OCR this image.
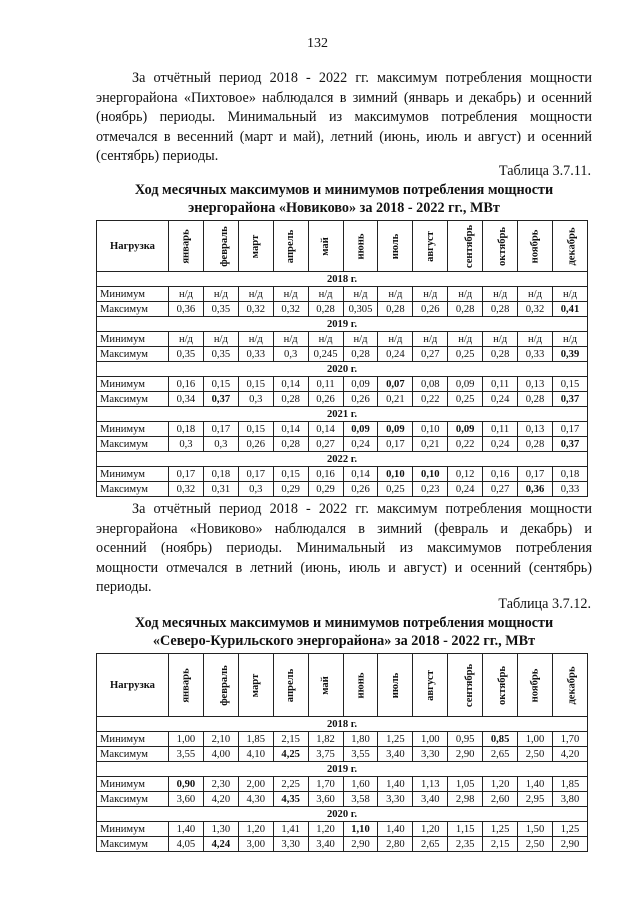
132
За отчётный период 2018 - 2022 гг. максимум потребления мощности
энергорайона «Пихтовое» наблюдался в зимний (январь и декабрь) и осенний
(ноябрь) периоды. Минимальный из максимумов потребления мощности
отмечался в весенний (март и май), летний (июнь, июль и август) и осенний
(сентябрь) периоды.
Таблица 3.7.11.
Ход месячных максимумов и минимумов потребления мощности
энергорайона «Новиково» за 2018 - 2022 гг., МВт
Нагрузка	январь	февраль	март	апрель	май	июнь	июль	август	сентябрь	октябрь	ноябрь	декабрь
2018 г.												
Минимум	н/д	н/д	н/д	н/д	н/д	н/д	н/д	н/д	н/д	н/д	н/д	н/д
Максимум	0,36	0,35	0,32	0,32	0,28	0,305	0,28	0,26	0,28	0,28	0,32	0,41
2019 г.												
Минимум	н/д	н/д	н/д	н/д	н/д	н/д	н/д	н/д	н/д	н/д	н/д	н/д
Максимум	0,35	0,35	0,33	0,3	0,245	0,28	0,24	0,27	0,25	0,28	0,33	0,39
2020 г.												
Минимум	0,16	0,15	0,15	0,14	0,11	0,09	0,07	0,08	0,09	0,11	0,13	0,15
Максимум	0,34	0,37	0,3	0,28	0,26	0,26	0,21	0,22	0,25	0,24	0,28	0,37
2021 г.												
Минимум	0,18	0,17	0,15	0,14	0,14	0,09	0,09	0,10	0,09	0,11	0,13	0,17
Максимум	0,3	0,3	0,26	0,28	0,27	0,24	0,17	0,21	0,22	0,24	0,28	0,37
2022 г.												
Минимум	0,17	0,18	0,17	0,15	0,16	0,14	0,10	0,10	0,12	0,16	0,17	0,18
Максимум	0,32	0,31	0,3	0,29	0,29	0,26	0,25	0,23	0,24	0,27	0,36	0,33
За отчётный период 2018 - 2022 гг. максимум потребления мощности
энергорайона «Новиково» наблюдался в зимний (февраль и декабрь) и
осенний (ноябрь) периоды. Минимальный из максимумов потребления
мощности отмечался в летний (июнь, июль и август) и осенний (сентябрь)
периоды.
Таблица 3.7.12.
Ход месячных максимумов и минимумов потребления мощности
«Северо-Курильского энергорайона» за 2018 - 2022 гг., МВт
Нагрузка	январь	февраль	март	апрель	май	июнь	июль	август	сентябрь	октябрь	ноябрь	декабрь
2018 г.												
Минимум	1,00	2,10	1,85	2,15	1,82	1,80	1,25	1,00	0,95	0,85	1,00	1,70
Максимум	3,55	4,00	4,10	4,25	3,75	3,55	3,40	3,30	2,90	2,65	2,50	4,20
2019 г.												
Минимум	0,90	2,30	2,00	2,25	1,70	1,60	1,40	1,13	1,05	1,20	1,40	1,85
Максимум	3,60	4,20	4,30	4,35	3,60	3,58	3,30	3,40	2,98	2,60	2,95	3,80
2020 г.												
Минимум	1,40	1,30	1,20	1,41	1,20	1,10	1,40	1,20	1,15	1,25	1,50	1,25
Максимум	4,05	4,24	3,00	3,30	3,40	2,90	2,80	2,65	2,35	2,15	2,50	2,90
